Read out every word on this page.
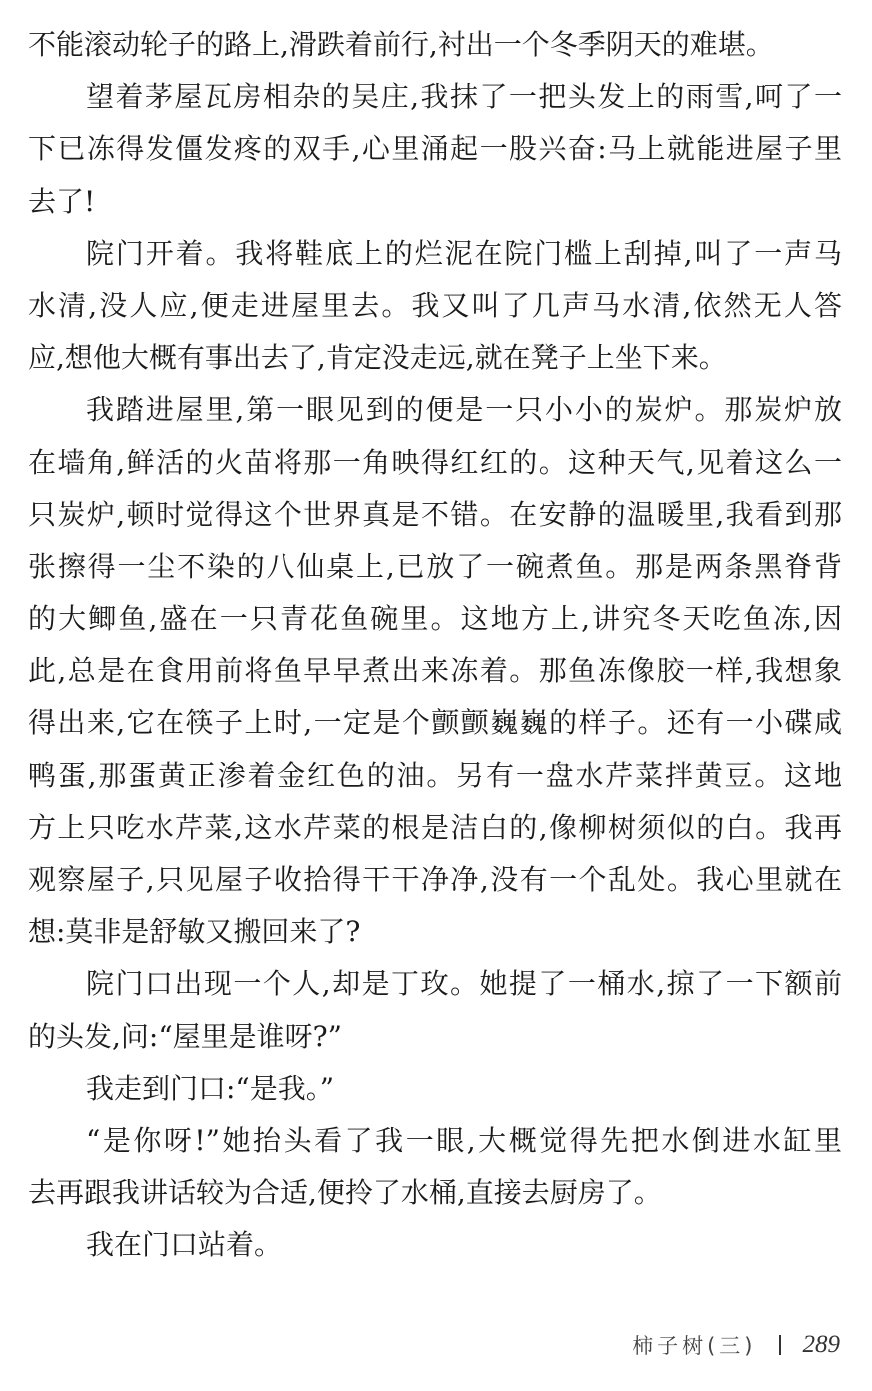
不能滚动轮子的路上,滑跌着前行,衬出一个冬季阴天的难堪。
望着茅屋瓦房相杂的吴庄,我抹了一把头发上的雨雪,呵了一
下已冻得发僵发疼的双手,心里涌起一股兴奋:马上就能进屋子里
去了!
院门开着。我将鞋底上的烂泥在院门槛上刮掉,叫了一声马
水清,没人应,便走进屋里去。我又叫了几声马水清,依然无人答
应,想他大概有事出去了,肯定没走远,就在凳子上坐下来。
我踏进屋里,第一眼见到的便是一只小小的炭炉。那炭炉放
在墙角,鲜活的火苗将那一角映得红红的。这种天气,见着这么一
只炭炉,顿时觉得这个世界真是不错。在安静的温暖里,我看到那
张擦得一尘不染的八仙桌上,已放了一碗煮鱼。那是两条黑脊背
的大鲫鱼,盛在一只青花鱼碗里。这地方上,讲究冬天吃鱼冻,因
此,总是在食用前将鱼早早煮出来冻着。那鱼冻像胶一样,我想象
得出来,它在筷子上时,一定是个颤颤巍巍的样子。还有一小碟咸
鸭蛋,那蛋黄正渗着金红色的油。另有一盘水芹菜拌黄豆。这地
方上只吃水芹菜,这水芹菜的根是洁白的,像柳树须似的白。我再
观察屋子,只见屋子收拾得干干净净,没有一个乱处。我心里就在
想:莫非是舒敏又搬回来了?
院门口出现一个人,却是丁玫。她提了一桶水,掠了一下额前
的头发,问:“屋里是谁呀?”
我走到门口:“是我。”
“是你呀!”她抬头看了我一眼,大概觉得先把水倒进水缸里
去再跟我讲话较为合适,便拎了水桶,直接去厨房了。
我在门口站着。
柿子树(三) 289
